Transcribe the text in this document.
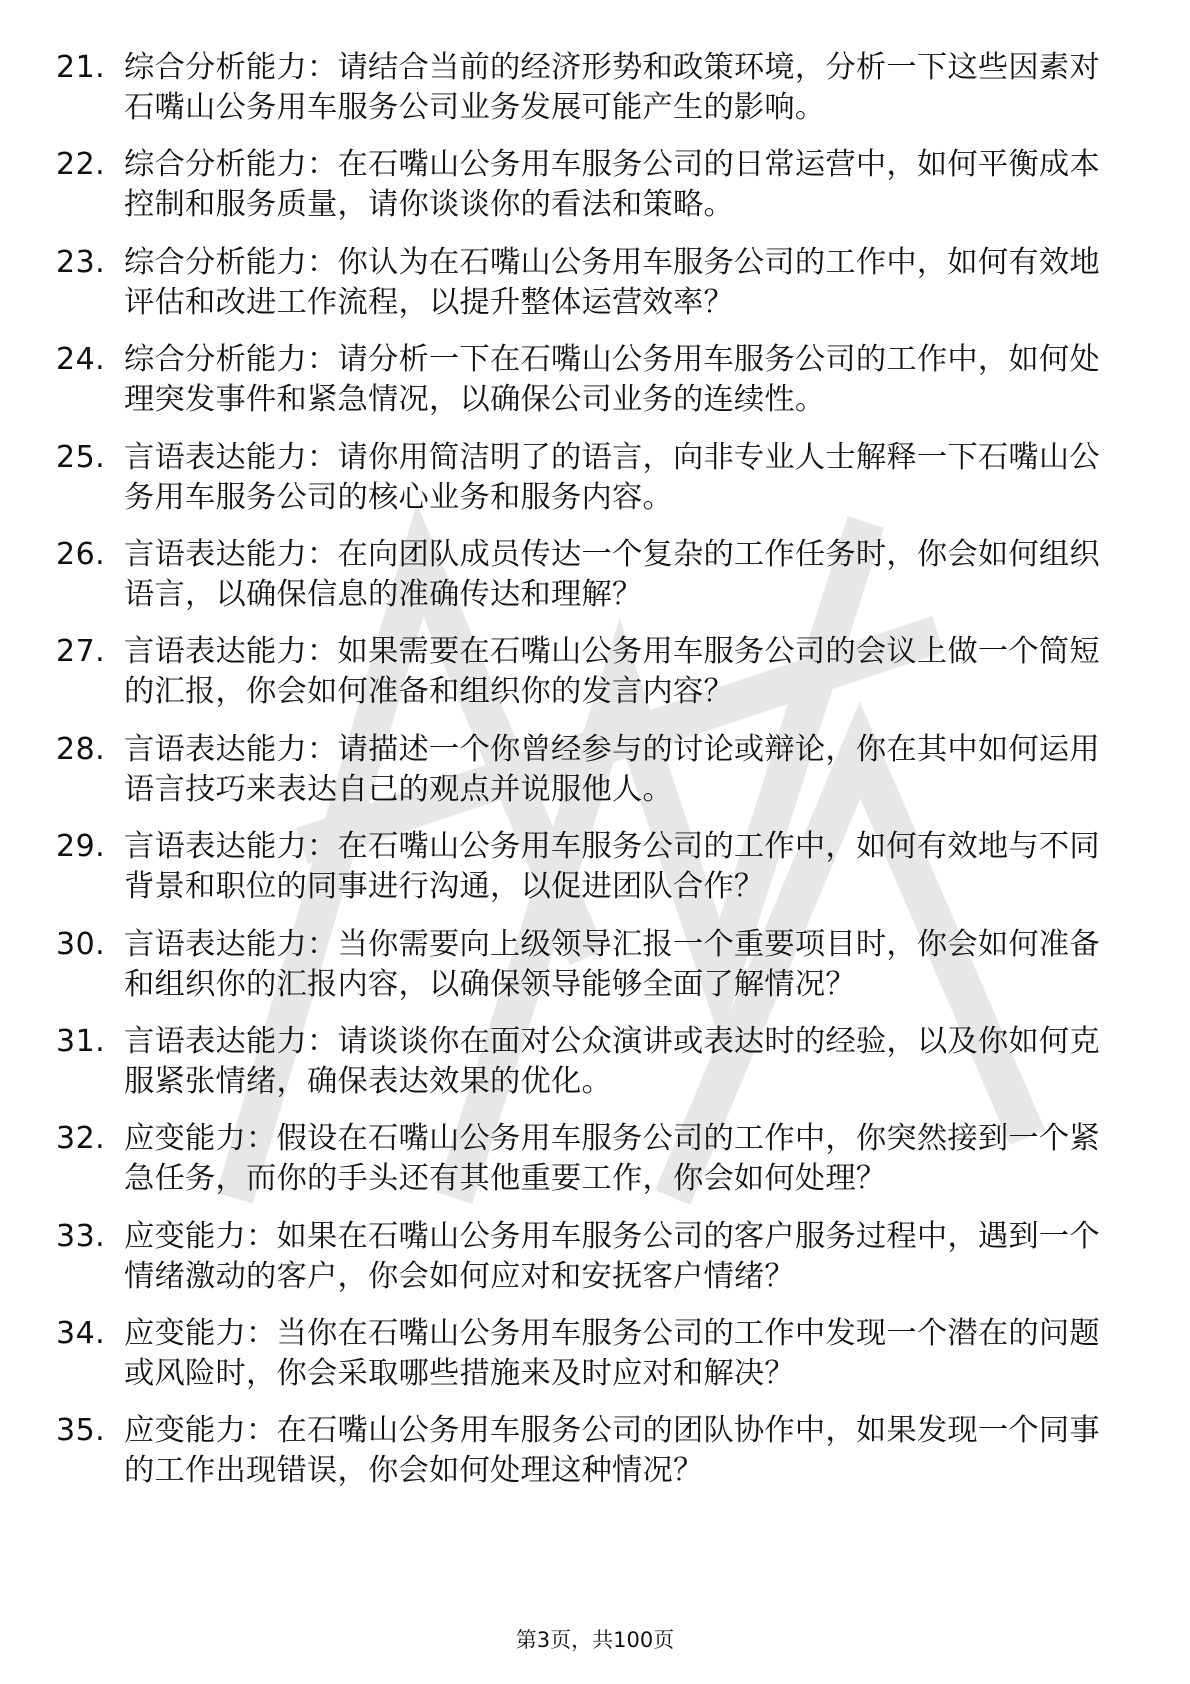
21. 综合分析能力：请结合当前的经济形势和政策环境，分析一下这些因素对石嘴山公务用车服务公司业务发展可能产生的影响。
22. 综合分析能力：在石嘴山公务用车服务公司的日常运营中，如何平衡成本控制和服务质量，请你谈谈你的看法和策略。
23. 综合分析能力：你认为在石嘴山公务用车服务公司的工作中，如何有效地评估和改进工作流程，以提升整体运营效率？
24. 综合分析能力：请分析一下在石嘴山公务用车服务公司的工作中，如何处理突发事件和紧急情况，以确保公司业务的连续性。
25. 言语表达能力：请你用简洁明了的语言，向非专业人士解释一下石嘴山公务用车服务公司的核心业务和服务内容。
26. 言语表达能力：在向团队成员传达一个复杂的工作任务时，你会如何组织语言，以确保信息的准确传达和理解？
27. 言语表达能力：如果需要在石嘴山公务用车服务公司的会议上做一个简短的汇报，你会如何准备和组织你的发言内容？
28. 言语表达能力：请描述一个你曾经参与的讨论或辩论，你在其中如何运用语言技巧来表达自己的观点并说服他人。
29. 言语表达能力：在石嘴山公务用车服务公司的工作中，如何有效地与不同背景和职位的同事进行沟通，以促进团队合作？
30. 言语表达能力：当你需要向上级领导汇报一个重要项目时，你会如何准备和组织你的汇报内容，以确保领导能够全面了解情况？
31. 言语表达能力：请谈谈你在面对公众演讲或表达时的经验，以及你如何克服紧张情绪，确保表达效果的优化。
32. 应变能力：假设在石嘴山公务用车服务公司的工作中，你突然接到一个紧急任务，而你的手头还有其他重要工作，你会如何处理？
33. 应变能力：如果在石嘴山公务用车服务公司的客户服务过程中，遇到一个情绪激动的客户，你会如何应对和安抚客户情绪？
34. 应变能力：当你在石嘴山公务用车服务公司的工作中发现一个潜在的问题或风险时，你会采取哪些措施来及时应对和解决？
35. 应变能力：在石嘴山公务用车服务公司的团队协作中，如果发现一个同事的工作出现错误，你会如何处理这种情况？
第3页，共100页
